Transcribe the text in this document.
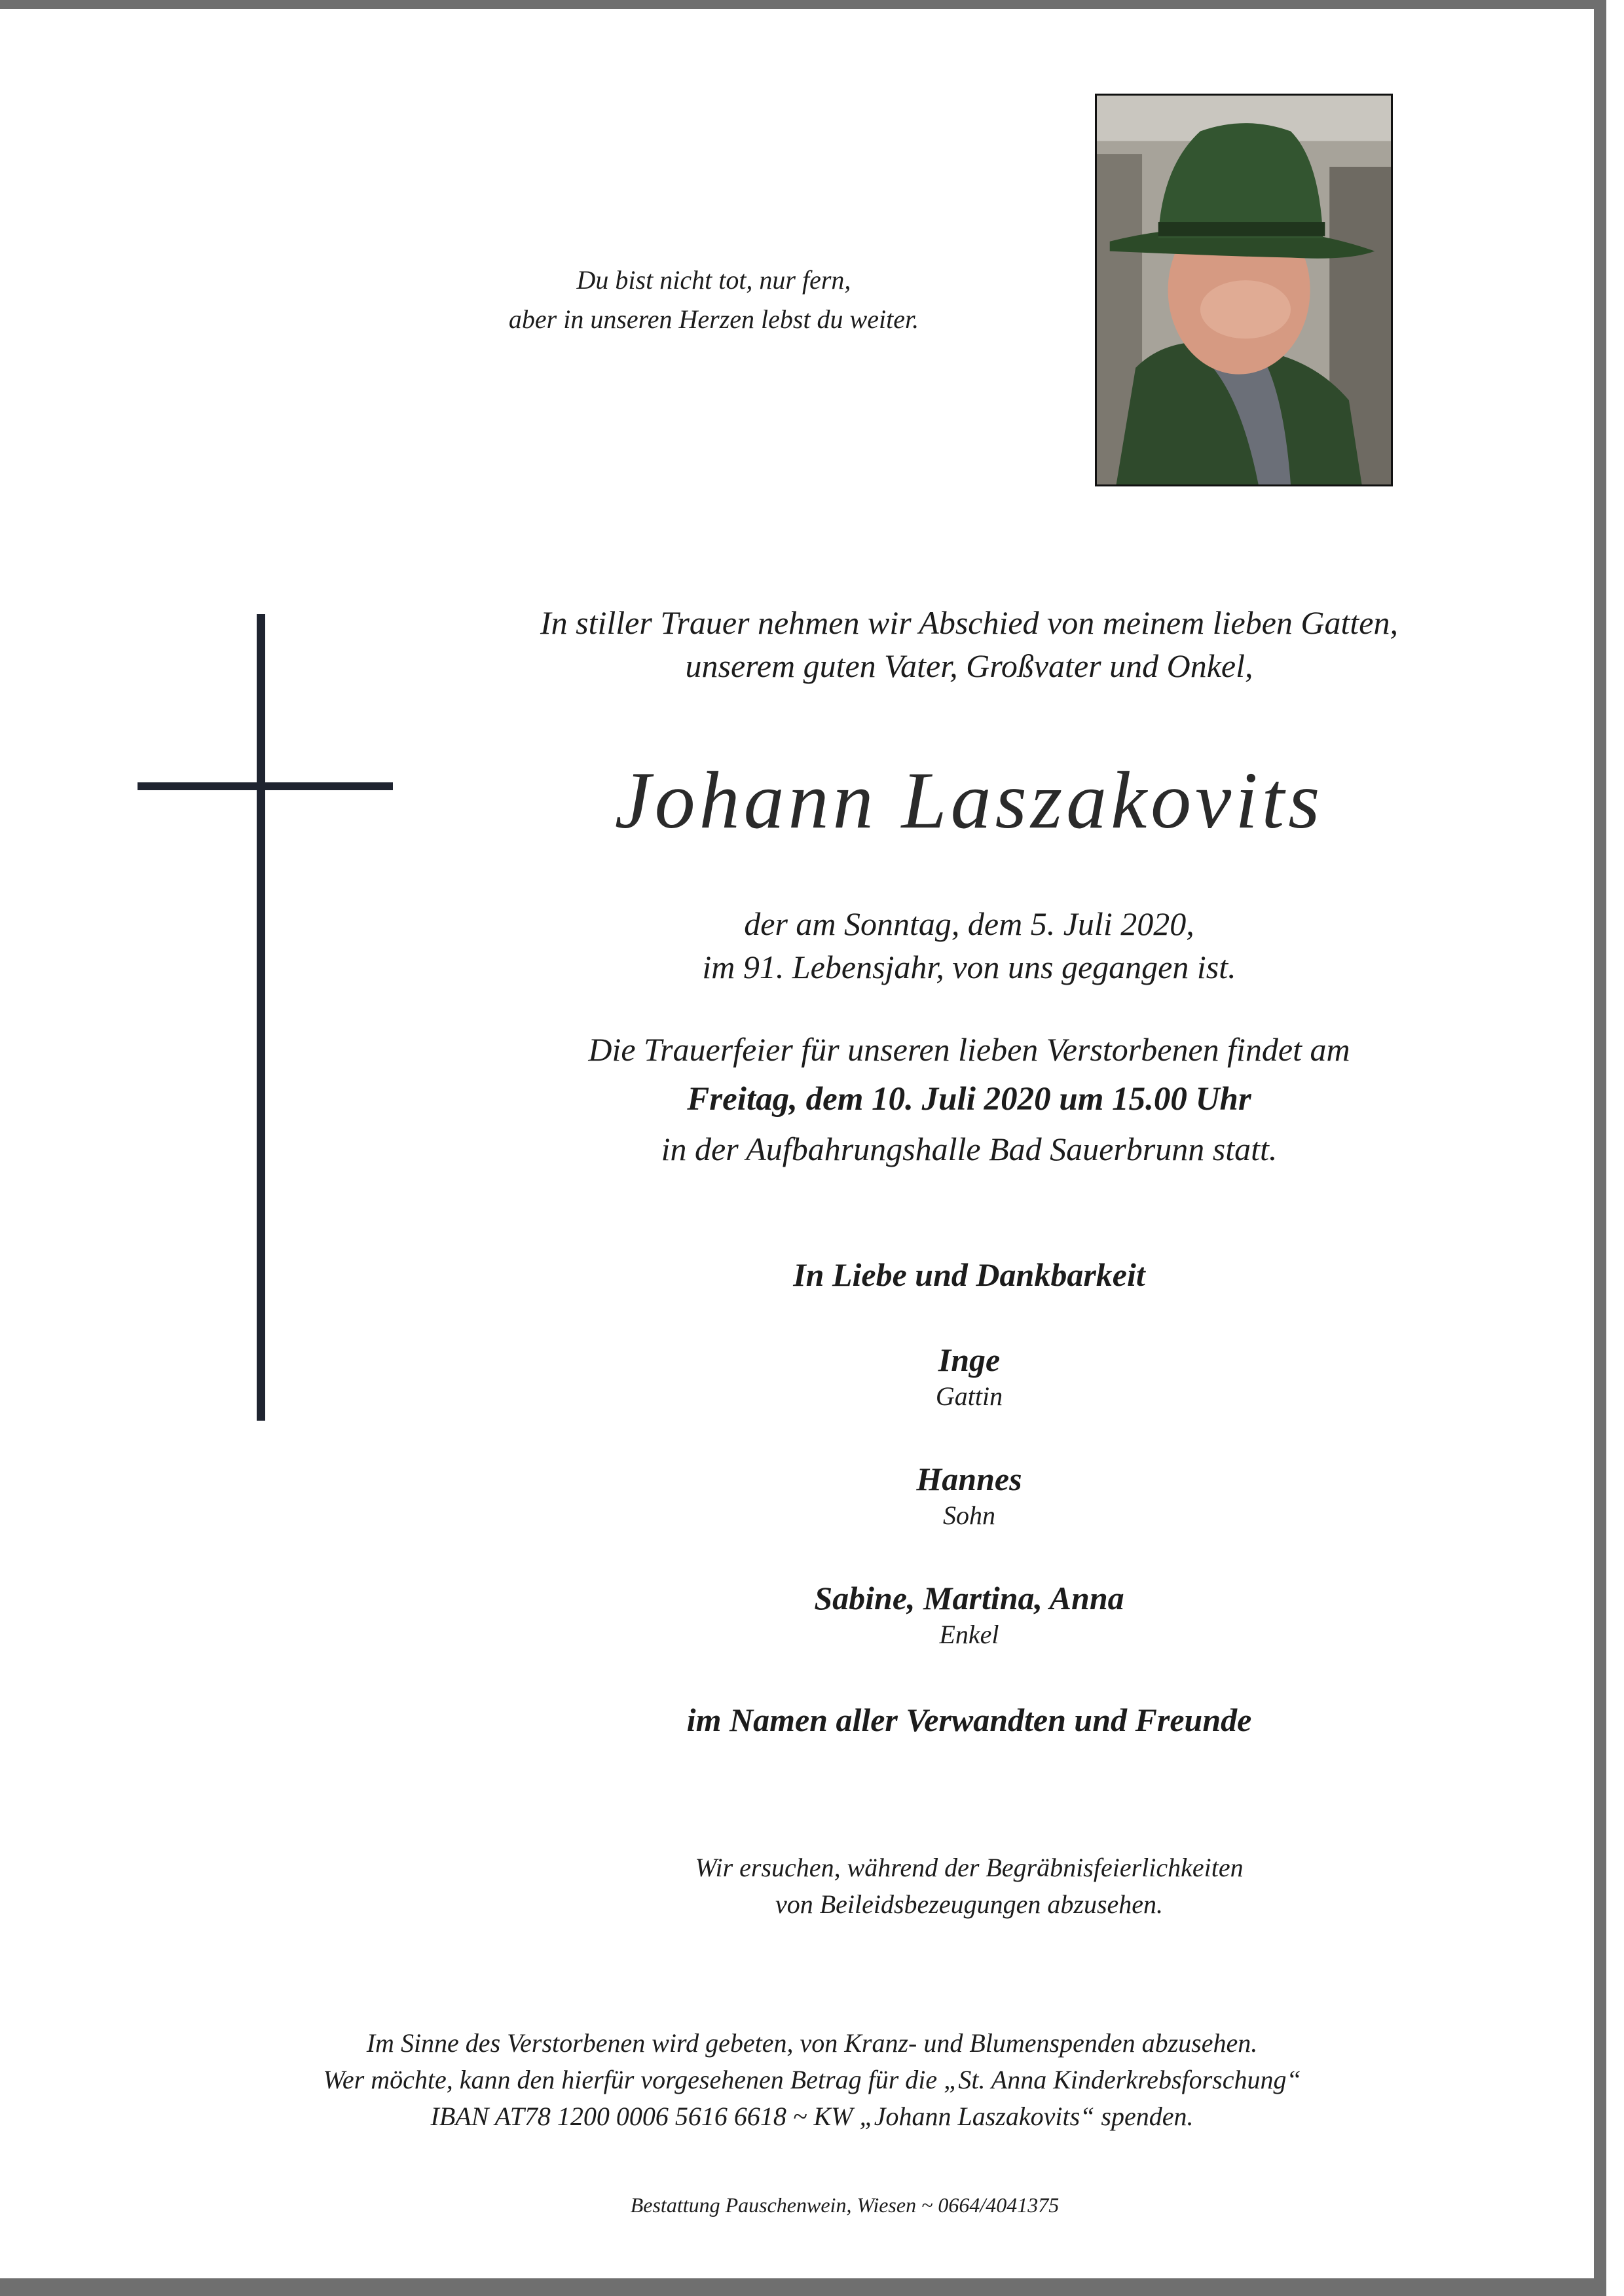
Du bist nicht tot, nur fern,
aber in unseren Herzen lebst du weiter.
In stiller Trauer nehmen wir Abschied von meinem lieben Gatten,
unserem guten Vater, Großvater und Onkel,
Johann Laszakovits
der am Sonntag, dem 5. Juli 2020,
im 91. Lebensjahr, von uns gegangen ist.
Die Trauerfeier für unseren lieben Verstorbenen findet am
Freitag, dem 10. Juli 2020 um 15.00 Uhr
in der Aufbahrungshalle Bad Sauerbrunn statt.
In Liebe und Dankbarkeit
Inge
Gattin
Hannes
Sohn
Sabine, Martina, Anna
Enkel
im Namen aller Verwandten und Freunde
Wir ersuchen, während der Begräbnisfeierlichkeiten
von Beileidsbezeugungen abzusehen.
Im Sinne des Verstorbenen wird gebeten, von Kranz- und Blumenspenden abzusehen.
Wer möchte, kann den hierfür vorgesehenen Betrag für die „St. Anna Kinderkrebsforschung“
IBAN AT78 1200 0006 5616 6618 ~ KW „Johann Laszakovits“ spenden.
Bestattung Pauschenwein, Wiesen ~ 0664/4041375
